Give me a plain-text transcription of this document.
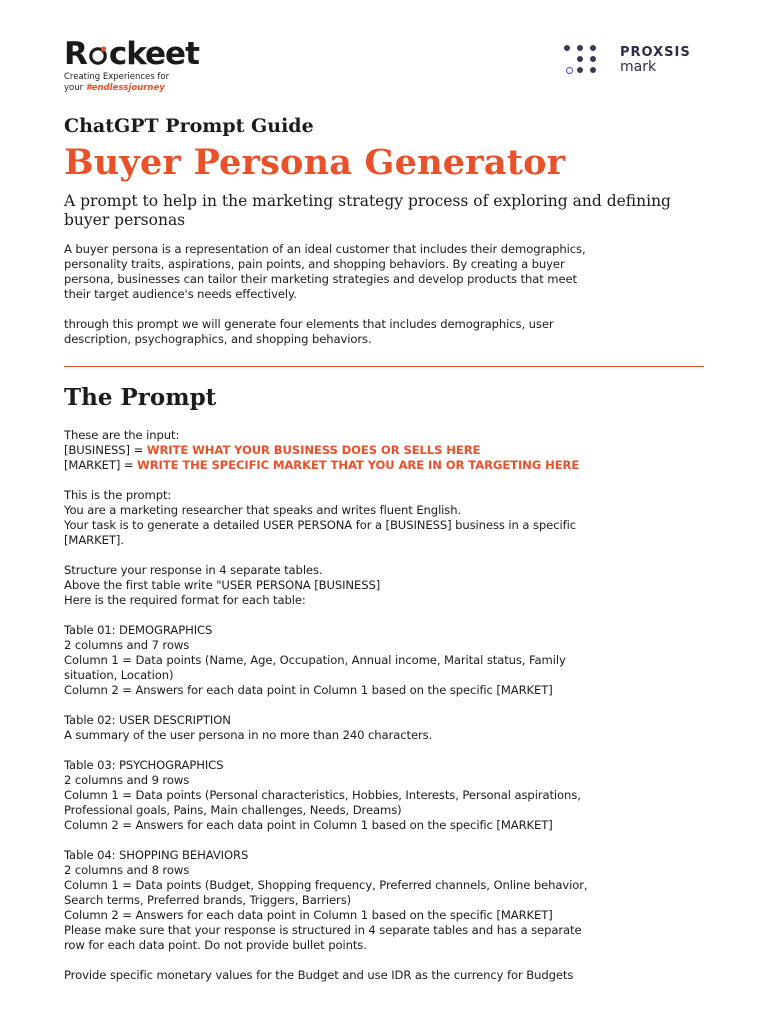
R ckeet
Creating Experiences for
your #endlessjourney
PROXSIS
mark
ChatGPT Prompt Guide
Buyer Persona Generator

A prompt to help in the marketing strategy process of exploring and defining buyer personas

A buyer persona is a representation of an ideal customer that includes their demographics,
personality traits, aspirations, pain points, and shopping behaviors. By creating a buyer
persona, businesses can tailor their marketing strategies and develop products that meet
their target audience's needs effectively.
through this prompt we will generate four elements that includes demographics, user
description, psychographics, and shopping behaviors.
The Prompt
These are the input:
[BUSINESS] = WRITE WHAT YOUR BUSINESS DOES OR SELLS HERE
[MARKET] = WRITE THE SPECIFIC MARKET THAT YOU ARE IN OR TARGETING HERE
This is the prompt:
You are a marketing researcher that speaks and writes fluent English.
Your task is to generate a detailed USER PERSONA for a [BUSINESS] business in a specific
[MARKET].
Structure your response in 4 separate tables.
Above the first table write "USER PERSONA [BUSINESS]
Here is the required format for each table:
Table 01: DEMOGRAPHICS
2 columns and 7 rows
Column 1 = Data points (Name, Age, Occupation, Annual income, Marital status, Family
situation, Location)
Column 2 = Answers for each data point in Column 1 based on the specific [MARKET]
Table 02: USER DESCRIPTION
A summary of the user persona in no more than 240 characters.
Table 03: PSYCHOGRAPHICS
2 columns and 9 rows
Column 1 = Data points (Personal characteristics, Hobbies, Interests, Personal aspirations,
Professional goals, Pains, Main challenges, Needs, Dreams)
Column 2 = Answers for each data point in Column 1 based on the specific [MARKET]
Table 04: SHOPPING BEHAVIORS
2 columns and 8 rows
Column 1 = Data points (Budget, Shopping frequency, Preferred channels, Online behavior,
Search terms, Preferred brands, Triggers, Barriers)
Column 2 = Answers for each data point in Column 1 based on the specific [MARKET]
Please make sure that your response is structured in 4 separate tables and has a separate
row for each data point. Do not provide bullet points.
Provide specific monetary values for the Budget and use IDR as the currency for Budgets
